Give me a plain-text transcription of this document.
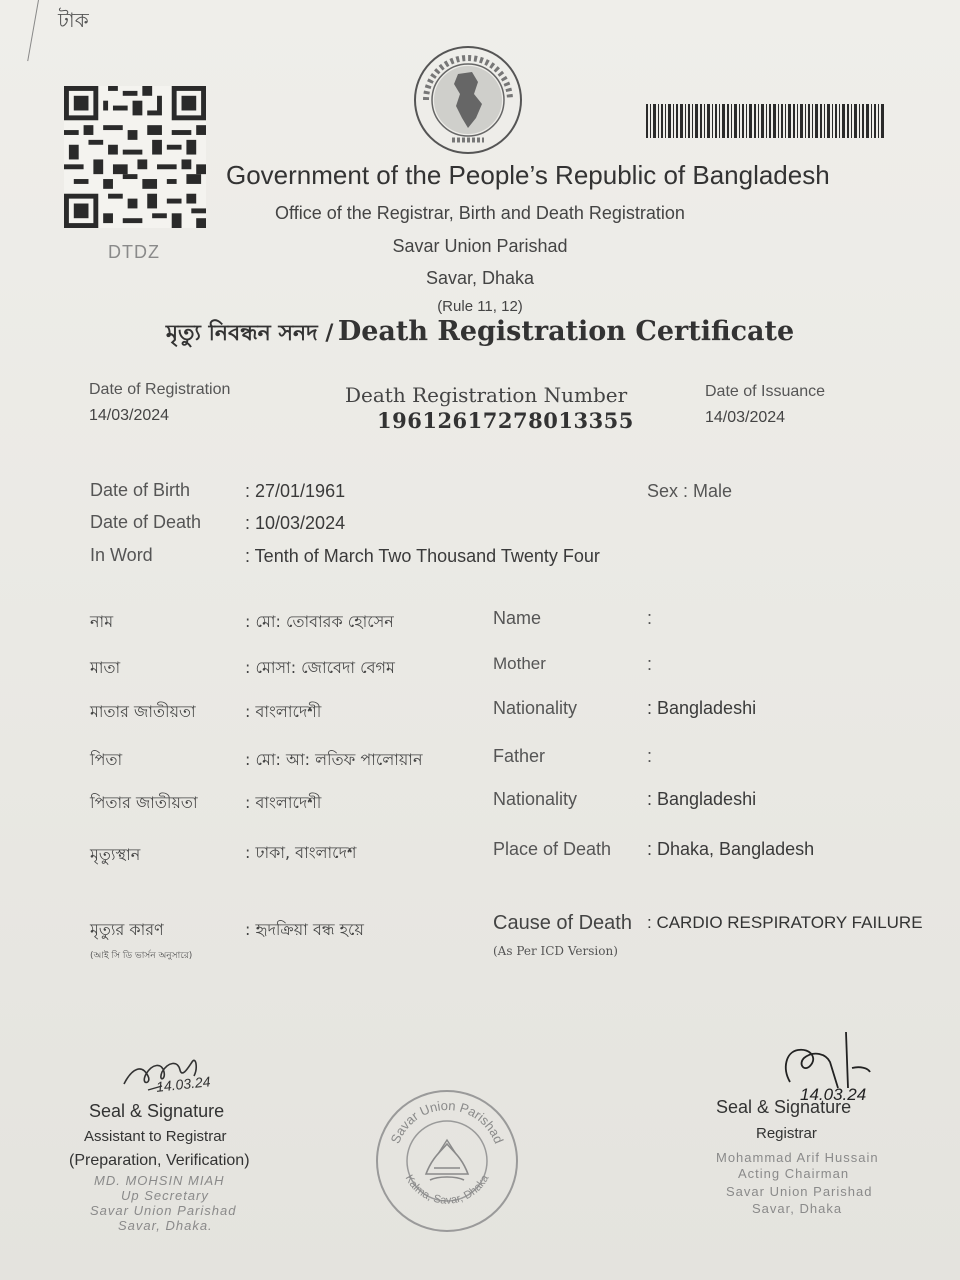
টাক
DTDZ
Government of the People’s Republic of Bangladesh
Office of the Registrar, Birth and Death Registration
Savar Union Parishad
Savar, Dhaka
(Rule 11, 12)
মৃত্যু নিবন্ধন সনদ / Death Registration Certificate
Date of Registration
14/03/2024
Death Registration Number
19612617278013355
Date of Issuance
14/03/2024
Date of Birth	: 27/01/1961	Sex : Male
Date of Death : 10/03/2024
In Word	: Tenth of March Two Thousand Twenty Four
নাম	: মো: তোবারক হোসেন	Name	:
মাতা	: মোসা: জোবেদা বেগম	Mother	:
মাতার জাতীয়তা	: বাংলাদেশী	Nationality	: Bangladeshi
পিতা	: মো: আ: লতিফ পালোয়ান	Father	:
পিতার জাতীয়তা	: বাংলাদেশী	Nationality	: Bangladeshi
মৃত্যুস্থান	: ঢাকা, বাংলাদেশ	Place of Death : Dhaka, Bangladesh
মৃত্যুর কারণ
(আই সি ডি ভার্সন অনুসারে)
: হৃদক্রিয়া বন্ধ হয়ে	Cause of Death : CARDIO RESPIRATORY FAILURE
(As Per ICD Version)
14.03.24
Seal & Signature
Assistant to Registrar
(Preparation, Verification)
MD. MOHSIN MIAH
Up Secretary
Savar Union Parishad
Savar, Dhaka.
Savar Union Parishad
Kalma, Savar, Dhaka
14.03.24
Seal & Signature
Registrar
Mohammad Arif Hussain
Acting Chairman
Savar Union Parishad
Savar, Dhaka
